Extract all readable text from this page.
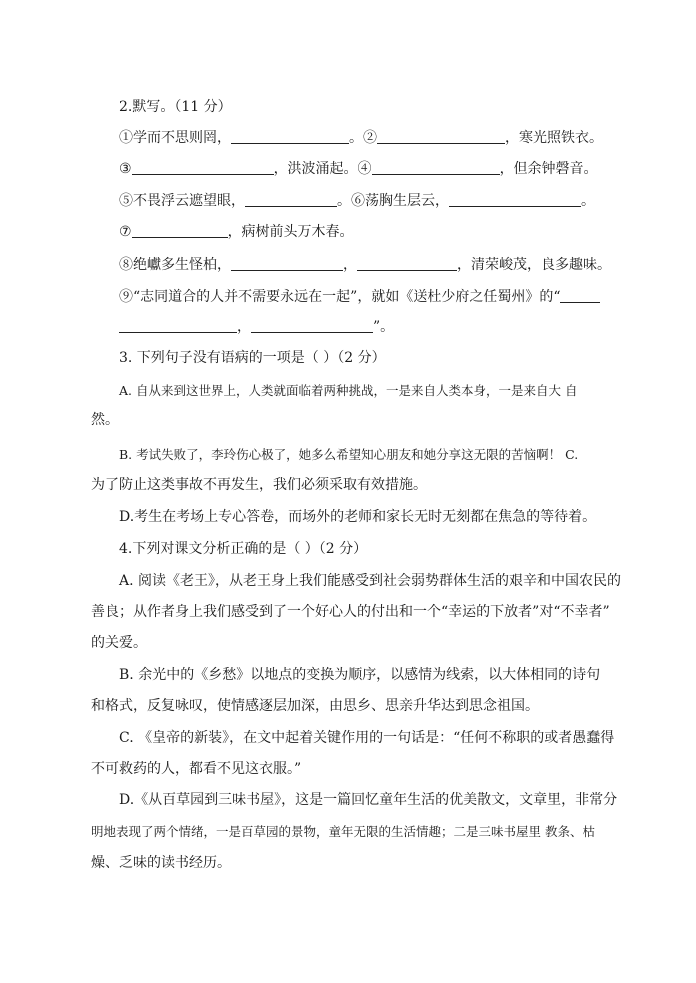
2.默写。（11 分）
①学而不思则罔，	。②	，寒光照铁衣。
③	，洪波涌起。④	，但余钟磬音。
⑤不畏浮云遮望眼，	。⑥荡胸生层云，	。
⑦	，病树前头万木春。
⑧绝巘多生怪柏，	，	，清荣峻茂，良多趣味。
⑨“志同道合的人并不需要永远在一起”，就如《送杜少府之任蜀州》的“
，	”。
3. 下列句子没有语病的一项是（ ）（2 分）
A. 自从来到这世界上，人类就面临着两种挑战，一是来自人类本身，一是来自大 自
然。
B. 考试失败了，李玲伤心极了，她多么希望知心朋友和她分享这无限的苦恼啊！ C.
为了防止这类事故不再发生，我们必须采取有效措施。
D.考生在考场上专心答卷，而场外的老师和家长无时无刻都在焦急的等待着。
4.下列对课文分析正确的是（ ）（2 分）
A. 阅读《老王》，从老王身上我们能感受到社会弱势群体生活的艰辛和中国农民的
善良；从作者身上我们感受到了一个好心人的付出和一个“幸运的下放者”对“不幸者”
的关爱。
B. 余光中的《乡愁》以地点的变换为顺序，以感情为线索，以大体相同的诗句
和格式，反复咏叹，使情感逐层加深，由思乡、思亲升华达到思念祖国。
C. 《皇帝的新装》，在文中起着关键作用的一句话是：“任何不称职的或者愚蠢得
不可救药的人，都看不见这衣服。”
D.《从百草园到三味书屋》，这是一篇回忆童年生活的优美散文，文章里，非常分
明地表现了两个情绪，一是百草园的景物，童年无限的生活情趣；二是三味书屋里 教条、枯
燥、乏味的读书经历。
